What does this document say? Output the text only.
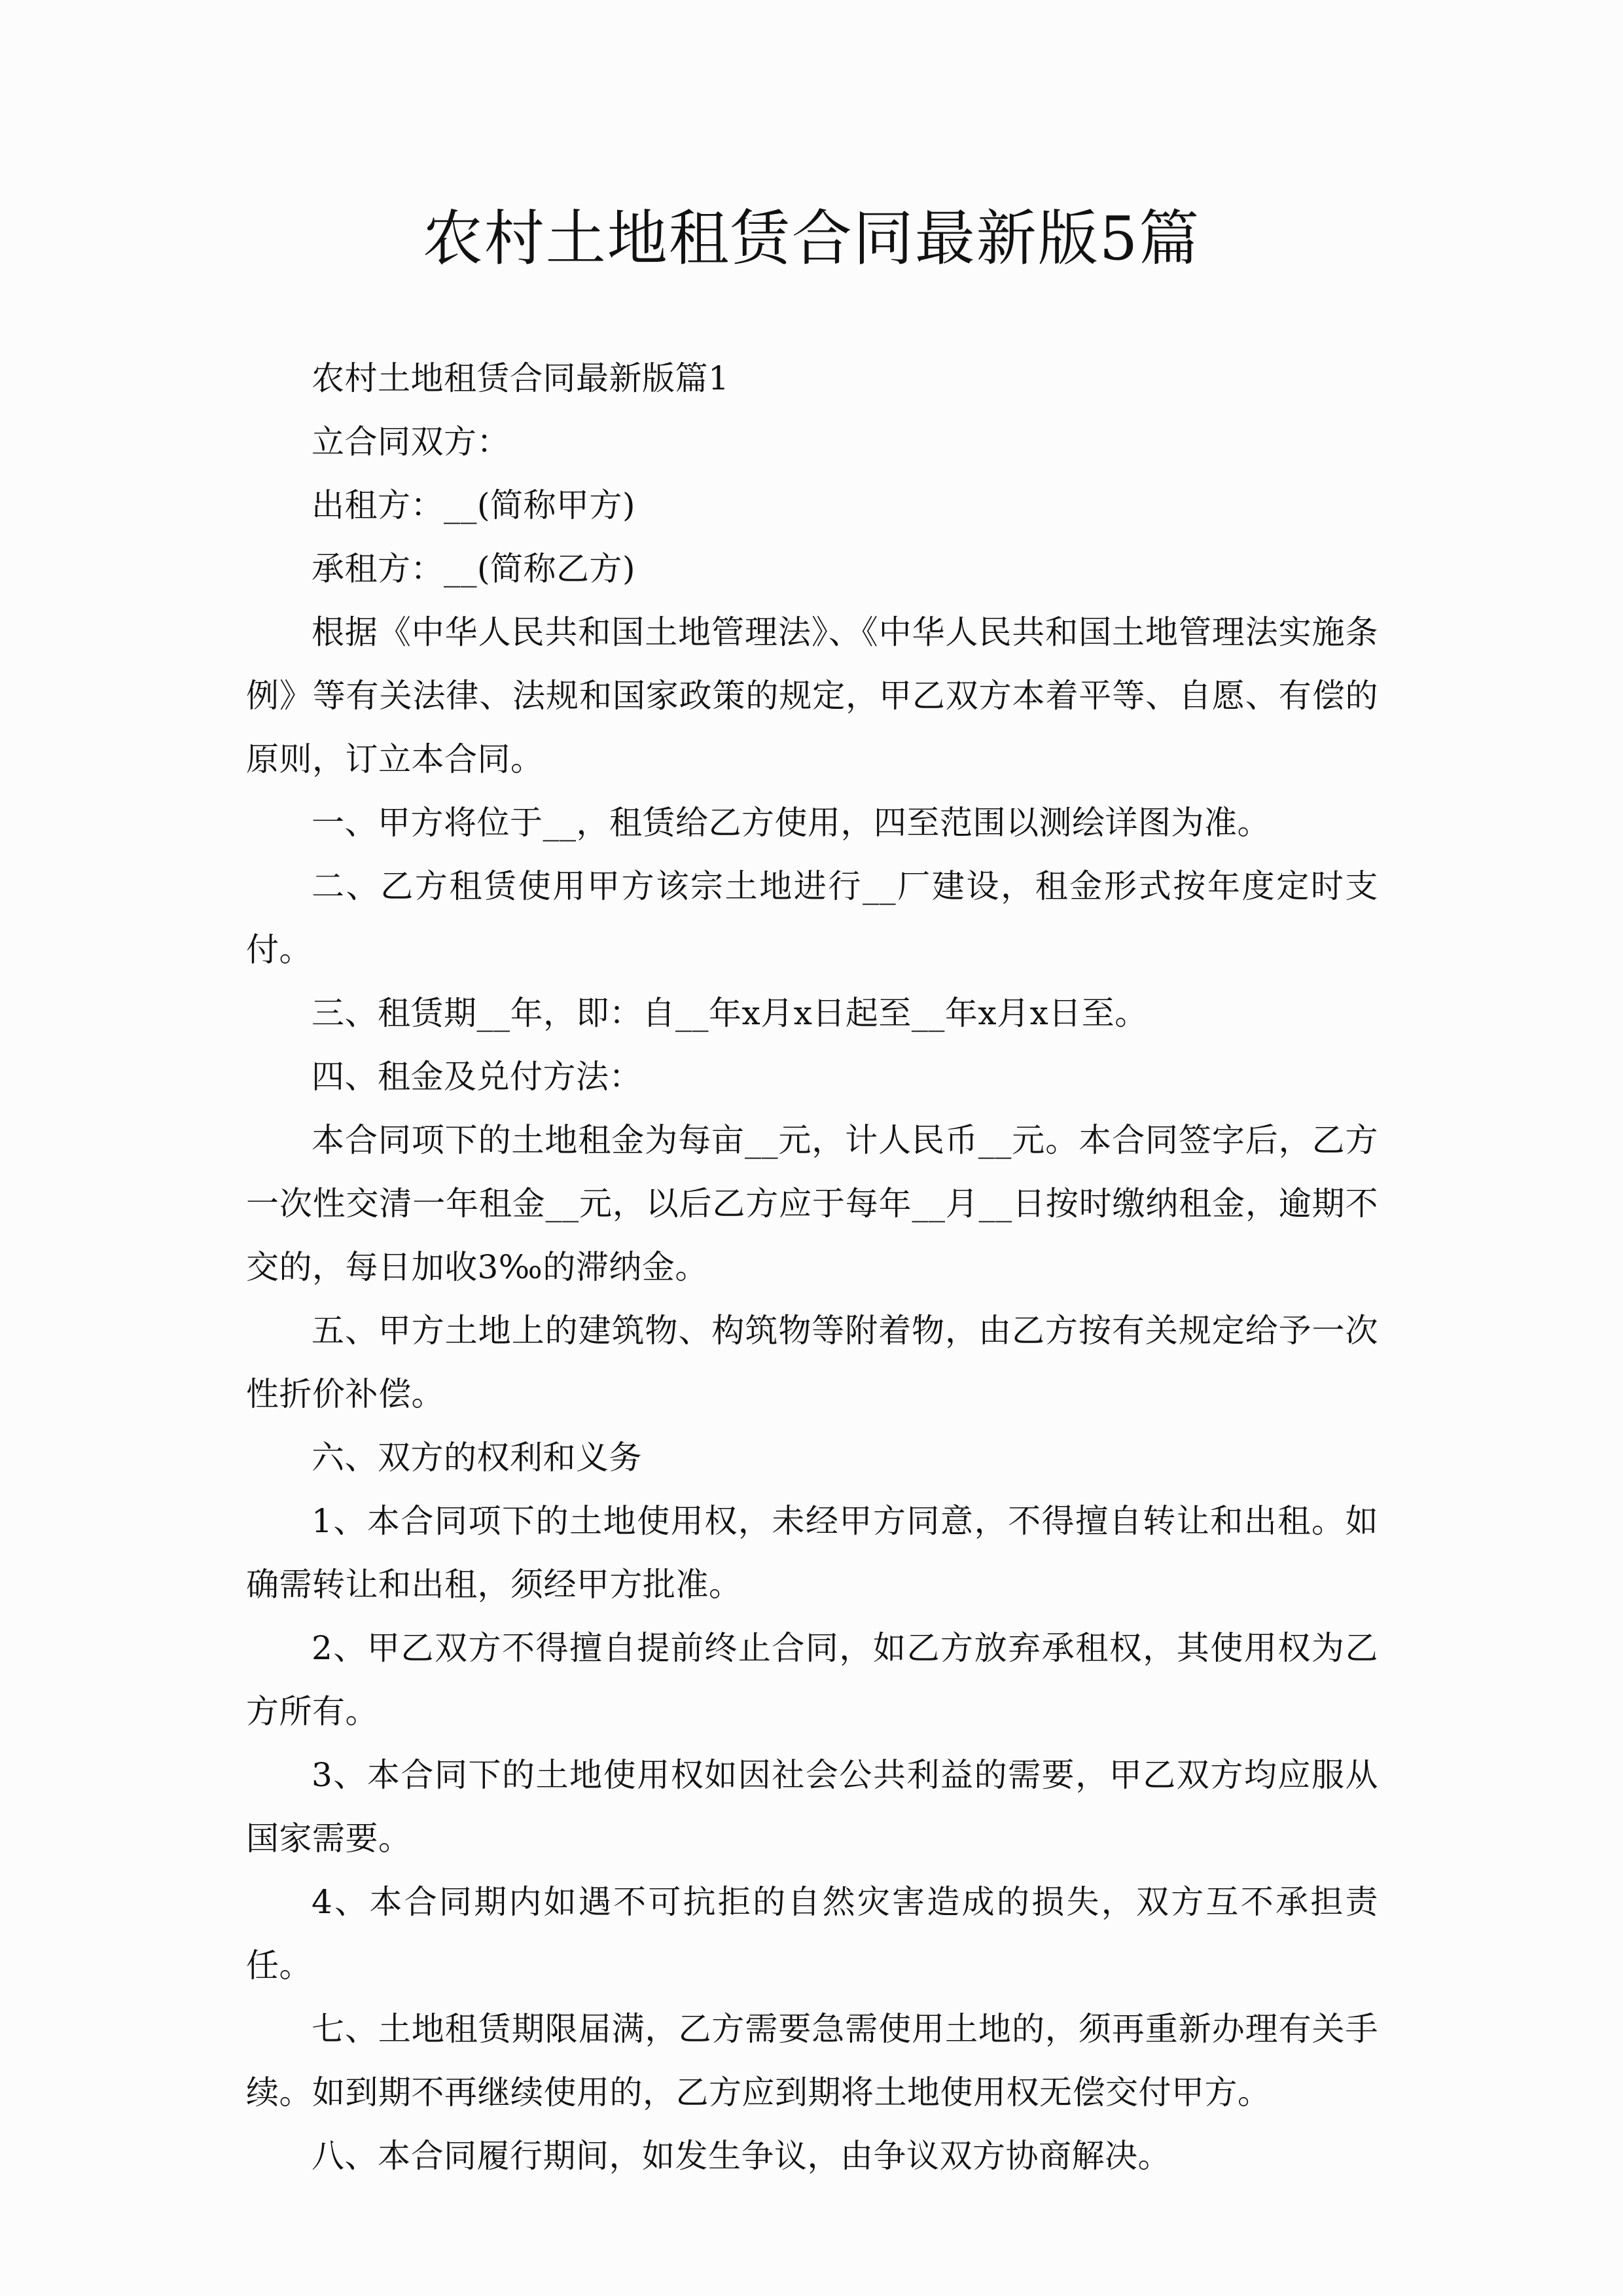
农村土地租赁合同最新版5篇

农村土地租赁合同最新版篇1

立合同双方：

出租方：__(简称甲方)

承租方：__(简称乙方)

根据《中华人民共和国土地管理法》、《中华人民共和国土地管理法实施条例》等有关法律、法规和国家政策的规定，甲乙双方本着平等、自愿、有偿的原则，订立本合同。

一、甲方将位于__，租赁给乙方使用，四至范围以测绘详图为准。

二、乙方租赁使用甲方该宗土地进行__厂建设，租金形式按年度定时支付。

三、租赁期__年，即：自__年x月x日起至__年x月x日至。

四、租金及兑付方法：

本合同项下的土地租金为每亩__元，计人民币__元。本合同签字后，乙方一次性交清一年租金__元，以后乙方应于每年__月__日按时缴纳租金，逾期不交的，每日加收3‰的滞纳金。

五、甲方土地上的建筑物、构筑物等附着物，由乙方按有关规定给予一次性折价补偿。

六、双方的权利和义务

1、本合同项下的土地使用权，未经甲方同意，不得擅自转让和出租。如确需转让和出租，须经甲方批准。

2、甲乙双方不得擅自提前终止合同，如乙方放弃承租权，其使用权为乙方所有。

3、本合同下的土地使用权如因社会公共利益的需要，甲乙双方均应服从国家需要。

4、本合同期内如遇不可抗拒的自然灾害造成的损失，双方互不承担责任。

七、土地租赁期限届满，乙方需要急需使用土地的，须再重新办理有关手续。如到期不再继续使用的，乙方应到期将土地使用权无偿交付甲方。

八、本合同履行期间，如发生争议，由争议双方协商解决。
